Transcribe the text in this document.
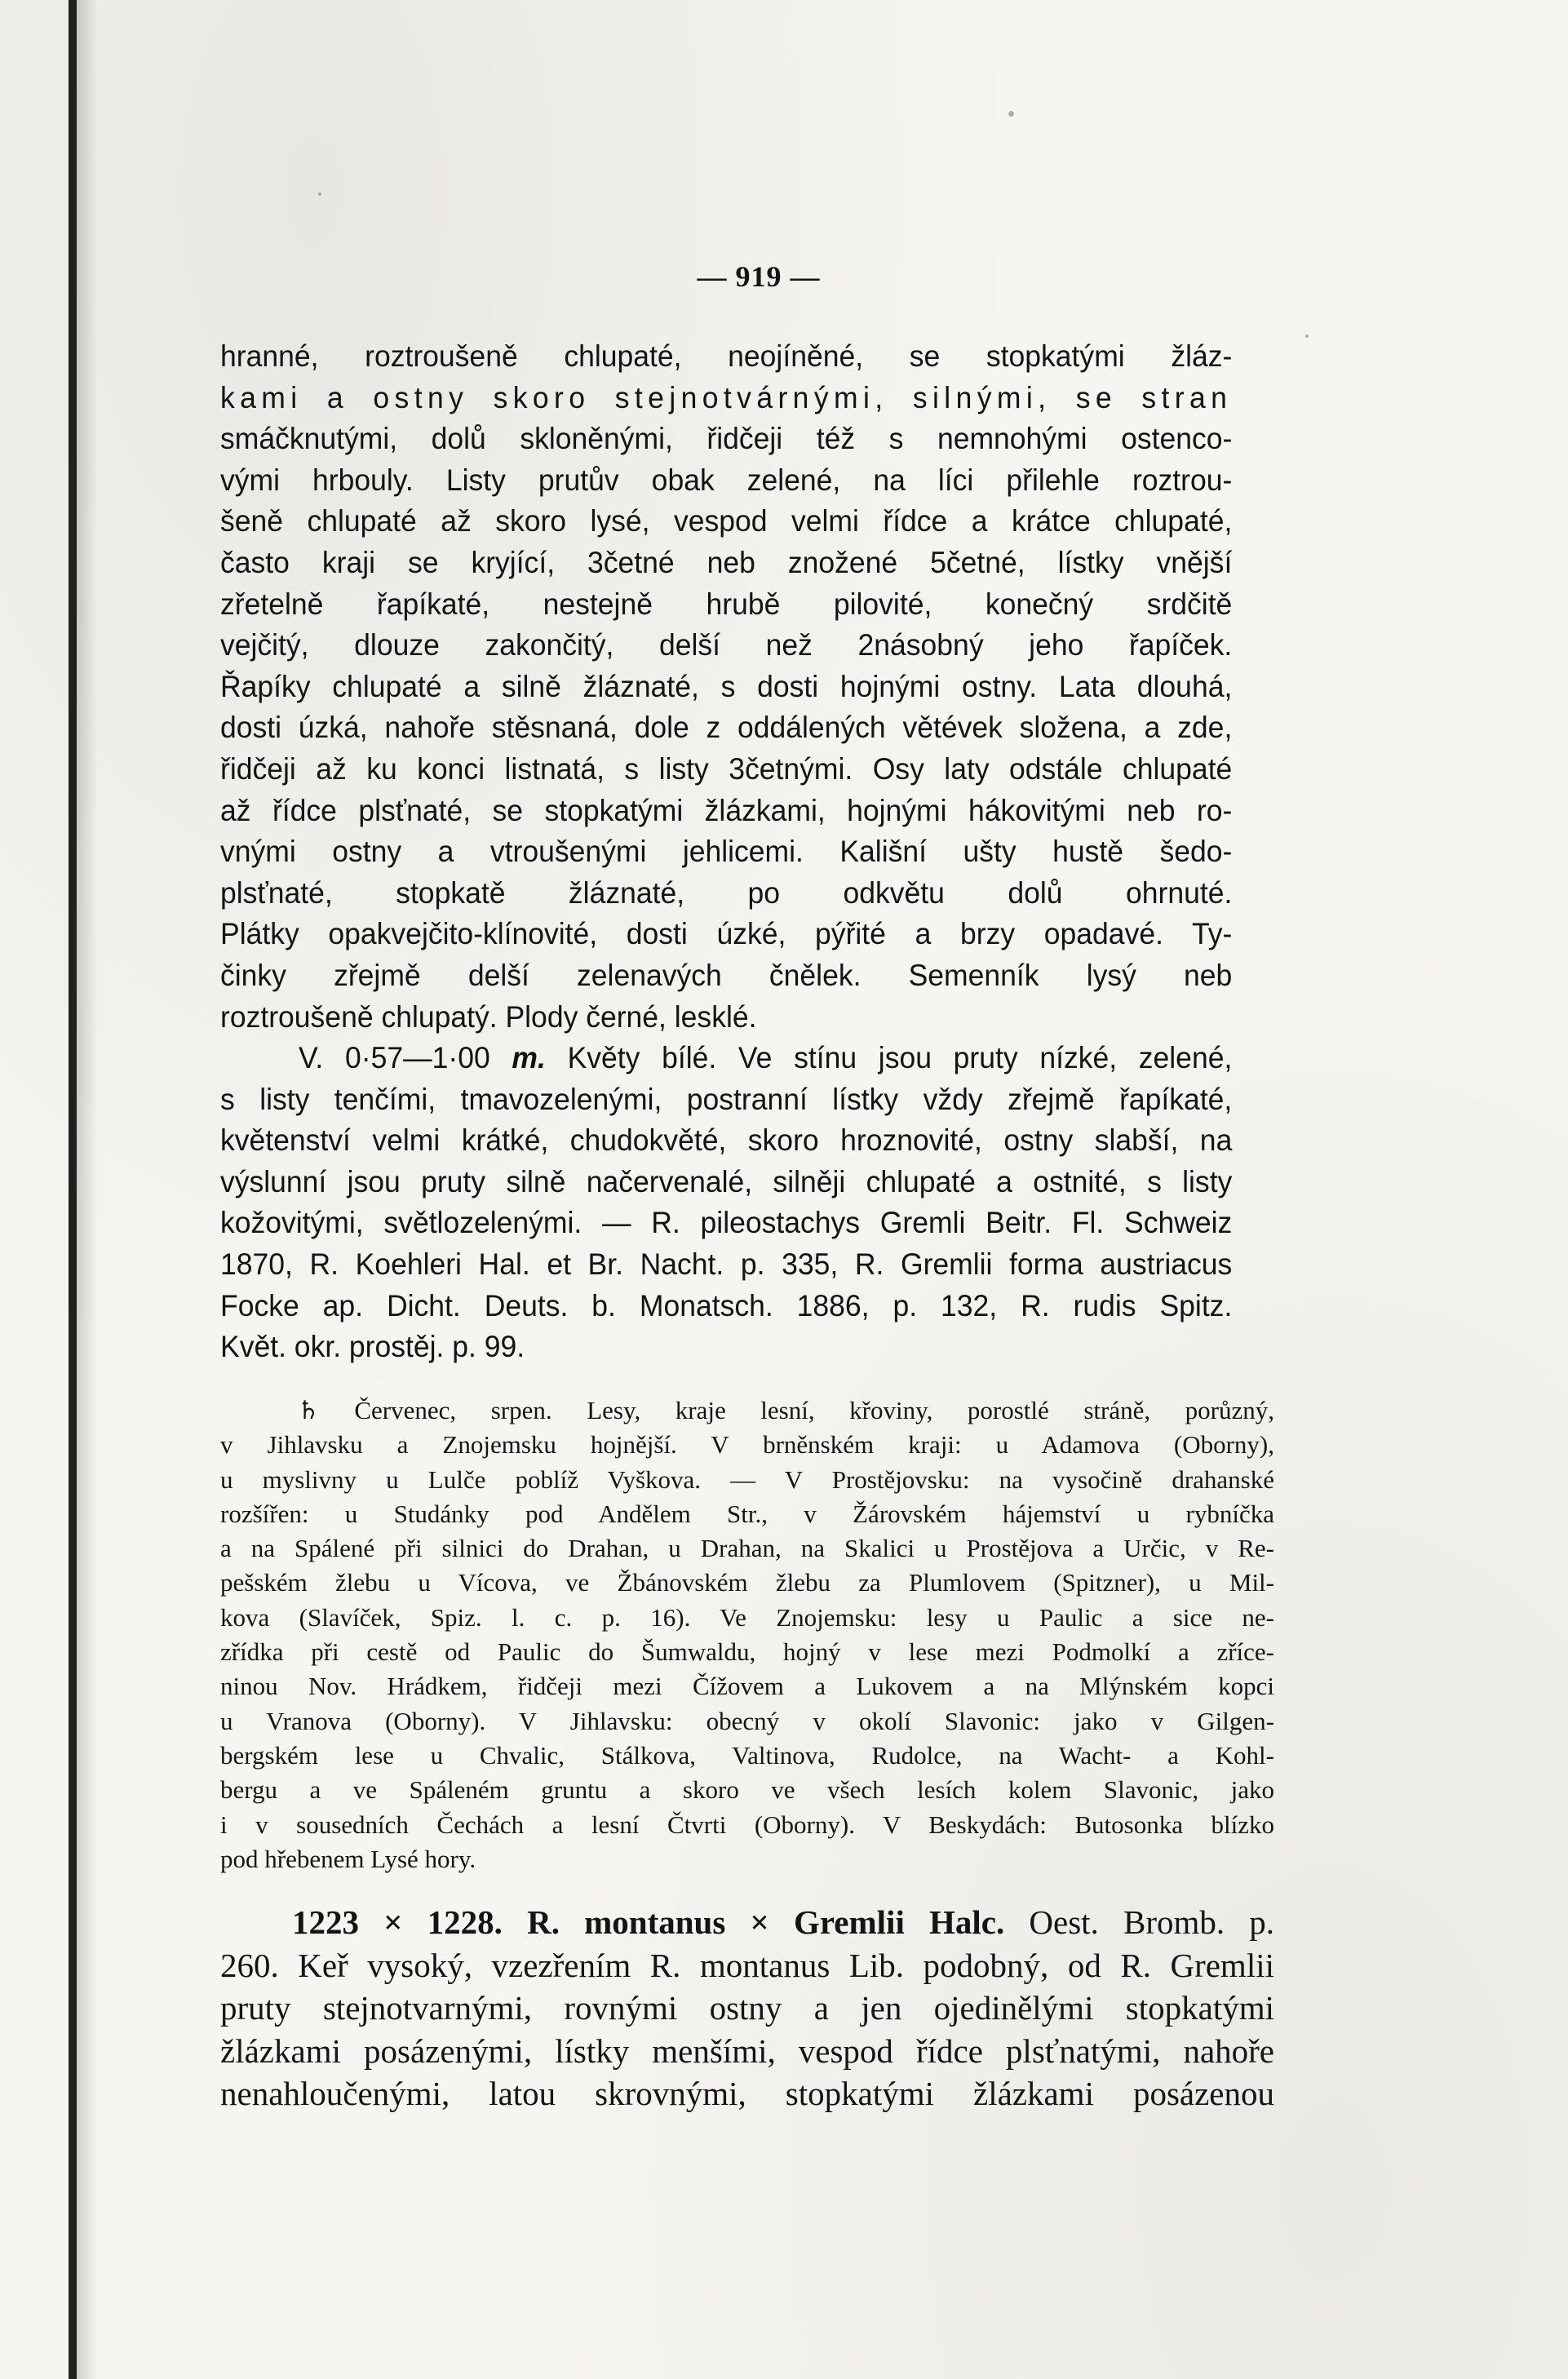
— 919 —
hranné, roztroušeně chlupaté, neojíněné, se stopkatými žláz-
kami a ostny skoro stejnotvárnými, silnými, se stran
smáčknutými, dolů skloněnými, řidčeji též s nemnohými ostenco-
vými hrbouly. Listy prutův obak zelené, na líci přilehle roztrou-
šeně chlupaté až skoro lysé, vespod velmi řídce a krátce chlupaté,
často kraji se kryjící, 3četné neb znožené 5četné, lístky vnější
zřetelně řapíkaté, nestejně hrubě pilovité, konečný srdčitě
vejčitý, dlouze zakončitý, delší než 2násobný jeho řapíček.
Řapíky chlupaté a silně žláznaté, s dosti hojnými ostny. Lata dlouhá,
dosti úzká, nahoře stěsnaná, dole z oddálených větévek složena, a zde,
řidčeji až ku konci listnatá, s listy 3četnými. Osy laty odstále chlupaté
až řídce plsťnaté, se stopkatými žlázkami, hojnými hákovitými neb ro-
vnými ostny a vtroušenými jehlicemi. Kališní ušty hustě šedo-
plsťnaté, stopkatě žláznaté, po odkvětu dolů ohrnuté.
Plátky opakvejčito-klínovité, dosti úzké, pýřité a brzy opadavé. Ty-
činky zřejmě delší zelenavých čnělek. Semenník lysý neb
roztroušeně chlupatý. Plody černé, lesklé.
V. 0·57—1·00 m. Květy bílé. Ve stínu jsou pruty nízké, zelené,
s listy tenčími, tmavozelenými, postranní lístky vždy zřejmě řapíkaté,
květenství velmi krátké, chudokvěté, skoro hroznovité, ostny slabší, na
výslunní jsou pruty silně načervenalé, silněji chlupaté a ostnité, s listy
kožovitými, světlozelenými. — R. pileostachys Gremli Beitr. Fl. Schweiz
1870, R. Koehleri Hal. et Br. Nacht. p. 335, R. Gremlii forma austriacus
Focke ap. Dicht. Deuts. b. Monatsch. 1886, p. 132, R. rudis Spitz.
Květ. okr. prostěj. p. 99.
♄ Červenec, srpen. Lesy, kraje lesní, křoviny, porostlé stráně, porůzný,
v Jihlavsku a Znojemsku hojnější. V brněnském kraji: u Adamova (Oborny),
u myslivny u Lulče poblíž Vyškova. — V Prostějovsku: na vysočině drahanské
rozšířen: u Studánky pod Andělem Str., v Žárovském hájemství u rybníčka
a na Spálené při silnici do Drahan, u Drahan, na Skalici u Prostějova a Určic, v Re-
pešském žlebu u Vícova, ve Žbánovském žlebu za Plumlovem (Spitzner), u Mil-
kova (Slavíček, Spiz. l. c. p. 16). Ve Znojemsku: lesy u Paulic a sice ne-
zřídka při cestě od Paulic do Šumwaldu, hojný v lese mezi Podmolkí a zříce-
ninou Nov. Hrádkem, řidčeji mezi Čížovem a Lukovem a na Mlýnském kopci
u Vranova (Oborny). V Jihlavsku: obecný v okolí Slavonic: jako v Gilgen-
bergském lese u Chvalic, Stálkova, Valtinova, Rudolce, na Wacht- a Kohl-
bergu a ve Spáleném gruntu a skoro ve všech lesích kolem Slavonic, jako
i v sousedních Čechách a lesní Čtvrti (Oborny). V Beskydách: Butosonka blízko
pod hřebenem Lysé hory.
1223 × 1228. R. montanus × Gremlii Halc. Oest. Bromb. p.
260. Keř vysoký, vzezřením R. montanus Lib. podobný, od R. Gremlii
pruty stejnotvarnými, rovnými ostny a jen ojedinělými stopkatými
žlázkami posázenými, lístky menšími, vespod řídce plsťnatými, nahoře
nenahloučenými, latou skrovnými, stopkatými žlázkami posázenou
